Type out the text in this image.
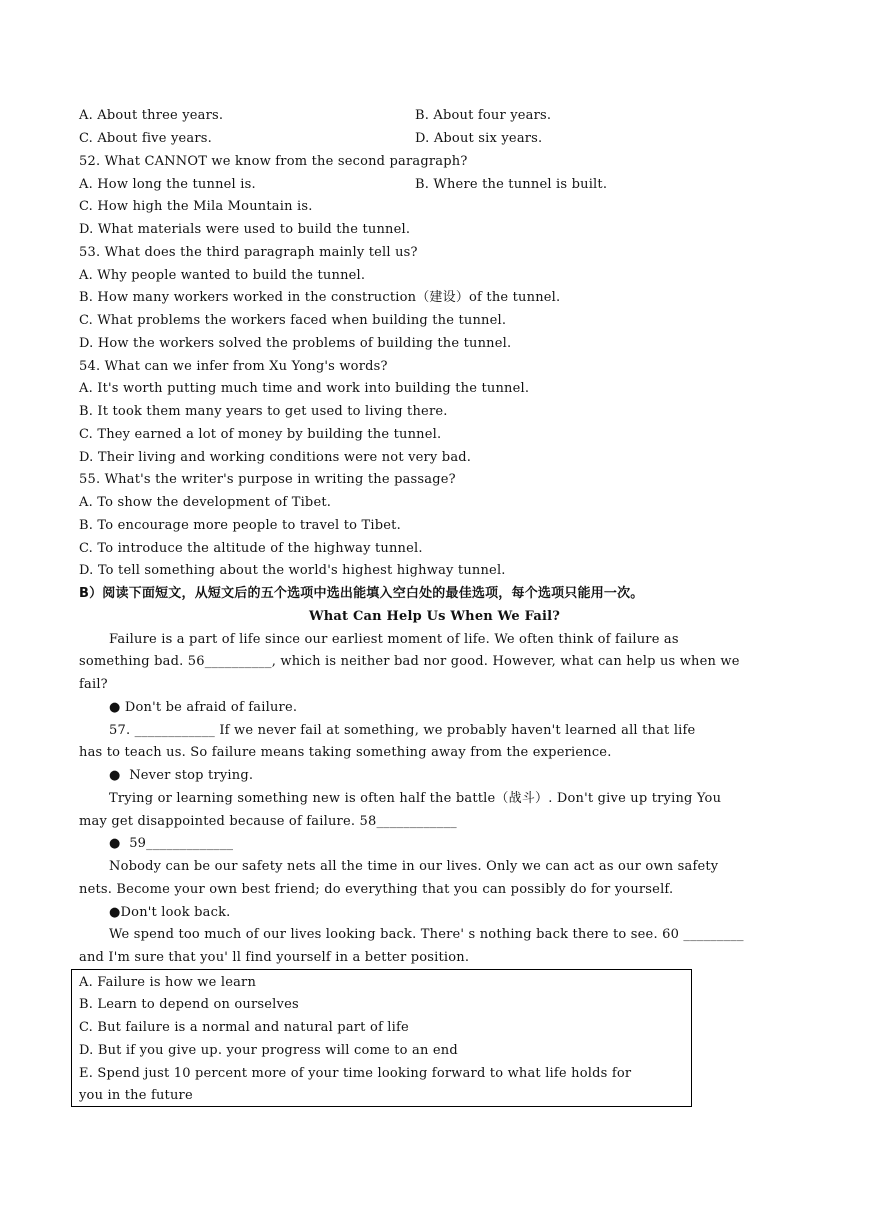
A. About three years.	B. About four years.
C. About five years.	D. About six years.
52. What CANNOT we know from the second paragraph?
A. How long the tunnel is.	B. Where the tunnel is built.
C. How high the Mila Mountain is.
D. What materials were used to build the tunnel.
53. What does the third paragraph mainly tell us?
A. Why people wanted to build the tunnel.
B. How many workers worked in the construction（建设）of the tunnel.
C. What problems the workers faced when building the tunnel.
D. How the workers solved the problems of building the tunnel.
54. What can we infer from Xu Yong's words?
A. It's worth putting much time and work into building the tunnel.
B. It took them many years to get used to living there.
C. They earned a lot of money by building the tunnel.
D. Their living and working conditions were not very bad.
55. What's the writer's purpose in writing the passage?
A. To show the development of Tibet.
B. To encourage more people to travel to Tibet.
C. To introduce the altitude of the highway tunnel.
D. To tell something about the world's highest highway tunnel.
B）阅读下面短文，从短文后的五个选项中选出能填入空白处的最佳选项，每个选项只能用一次。
What Can Help Us When We Fail?
Failure is a part of life since our earliest moment of life. We often think of failure as
something bad. 56__________, which is neither bad nor good. However, what can help us when we
fail?
● Don't be afraid of failure.
57. ____________ If we never fail at something, we probably haven't learned all that life
has to teach us. So failure means taking something away from the experience.
●  Never stop trying.
Trying or learning something new is often half the battle（战斗）. Don't give up trying You
may get disappointed because of failure. 58____________
●  59_____________
Nobody can be our safety nets all the time in our lives. Only we can act as our own safety
nets. Become your own best friend; do everything that you can possibly do for yourself.
●Don't look back.
We spend too much of our lives looking back. There' s nothing back there to see. 60 _________
and I'm sure that you' ll find yourself in a better position.
A. Failure is how we learn
B. Learn to depend on ourselves
C. But failure is a normal and natural part of life
D. But if you give up. your progress will come to an end
E. Spend just 10 percent more of your time looking forward to what life holds for
you in the future
